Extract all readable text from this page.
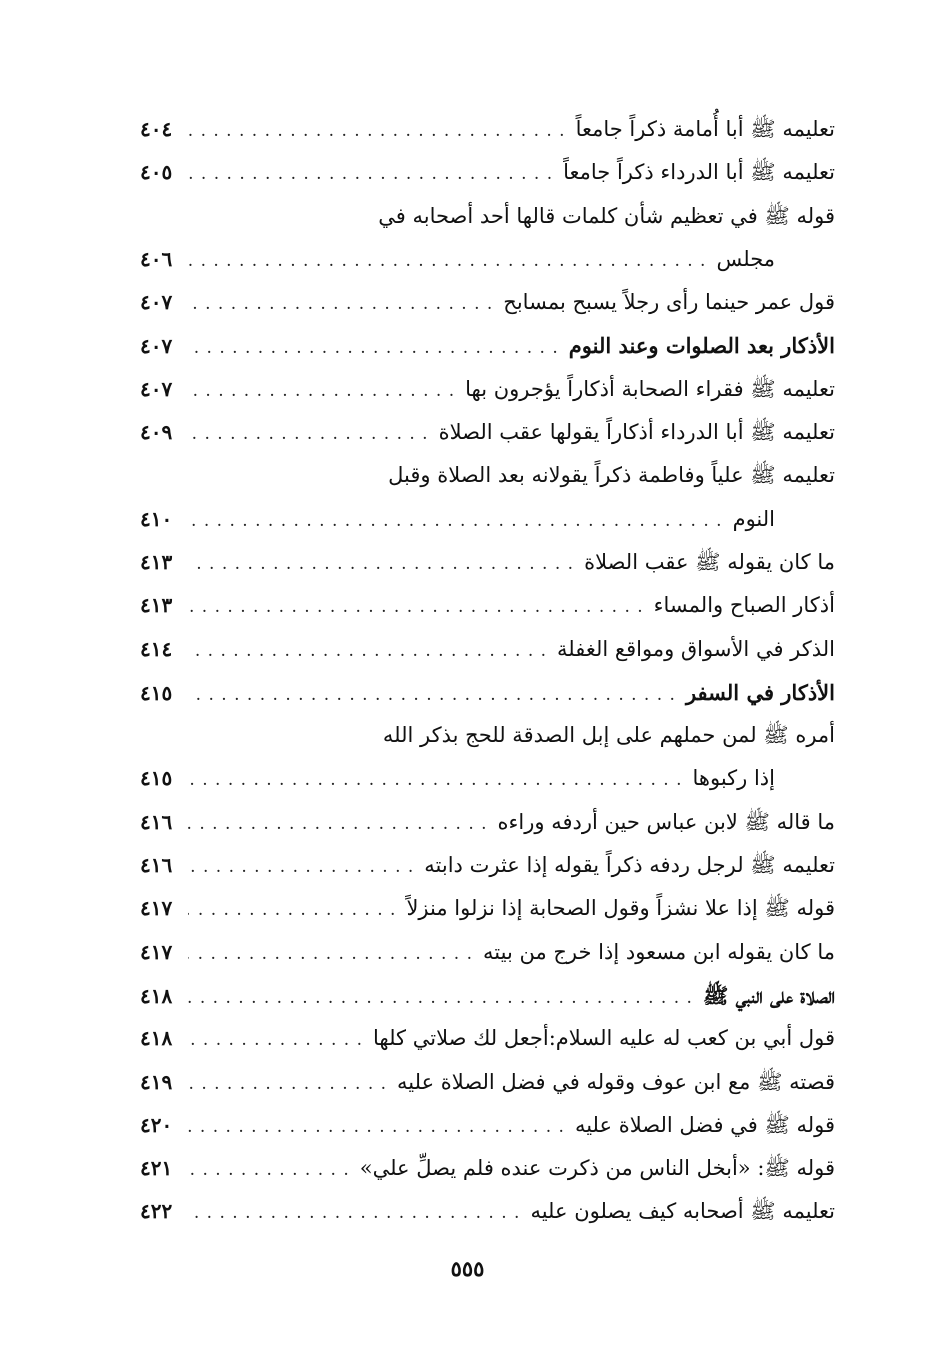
تعليمه ﷺ أبا أُمامة ذكراً جامعاً
. . .
٤٠٤
تعليمه ﷺ أبا الدرداء ذكراً جامعاً
. . .
٤٠٥
قوله ﷺ في تعظيم شأن كلمات قالها أحد أصحابه في
مجلس
. . .
٤٠٦
قول عمر حينما رأى رجلاً يسبح بمسابح
. . .
٤٠٧
الأذكار بعد الصلوات وعند النوم
. . .
٤٠٧
تعليمه ﷺ فقراء الصحابة أذكاراً يؤجرون بها
. . .
٤٠٧
تعليمه ﷺ أبا الدرداء أذكاراً يقولها عقب الصلاة
. . .
٤٠٩
تعليمه ﷺ علياً وفاطمة ذكراً يقولانه بعد الصلاة وقبل
النوم
. . .
٤١٠
ما كان يقوله ﷺ عقب الصلاة
. . .
٤١٣
أذكار الصباح والمساء
. . .
٤١٣
الذكر في الأسواق ومواقع الغفلة
. . .
٤١٤
الأذكار في السفر
. . .
٤١٥
أمره ﷺ لمن حملهم على إبل الصدقة للحج بذكر الله
إذا ركبوها
. . .
٤١٥
ما قاله ﷺ لابن عباس حين أردفه وراءه
. . .
٤١٦
تعليمه ﷺ لرجل ردفه ذكراً يقوله إذا عثرت دابته
. . .
٤١٦
قوله ﷺ إذا علا نشزاً وقول الصحابة إذا نزلوا منزلاً
. . .
٤١٧
ما كان يقوله ابن مسعود إذا خرج من بيته
. . .
٤١٧
الصلاة على النبي ﷺ
. . .
٤١٨
قول أبي بن كعب له عليه السلام:أجعل لك صلاتي كلها
. . .
٤١٨
قصته ﷺ مع ابن عوف وقوله في فضل الصلاة عليه
. . .
٤١٩
قوله ﷺ في فضل الصلاة عليه
. . .
٤٢٠
قوله ﷺ: «أبخل الناس من ذكرت عنده فلم يصلِّ علي»
. . .
٤٢١
تعليمه ﷺ أصحابه كيف يصلون عليه
. . .
٤٢٢
٥٥٥
